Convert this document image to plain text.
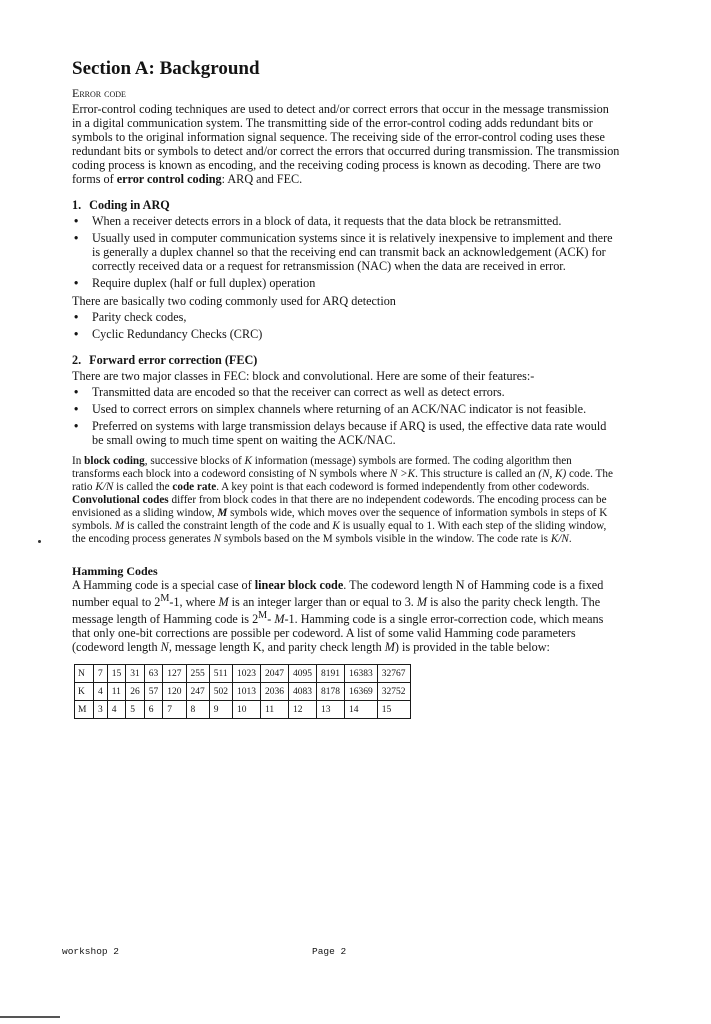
Section A: Background
Error code

Error-control coding techniques are used to detect and/or correct errors that occur in the message transmission in a digital communication system. The transmitting side of the error-control coding adds redundant bits or symbols to the original information signal sequence. The receiving side of the error-control coding uses these redundant bits or symbols to detect and/or correct the errors that occurred during transmission. The transmission coding process is known as encoding, and the receiving coding process is known as decoding. There are two forms of error control coding: ARQ and FEC.

1. Coding in ARQ
• When a receiver detects errors in a block of data, it requests that the data block be retransmitted.
• Usually used in computer communication systems since it is relatively inexpensive to implement and there is generally a duplex channel so that the receiving end can transmit back an acknowledgement (ACK) for correctly received data or a request for retransmission (NAC) when the data are received in error.
• Require duplex (half or full duplex) operation

There are basically two coding commonly used for ARQ detection

• Parity check codes,
• Cyclic Redundancy Checks (CRC)
2. Forward error correction (FEC)

There are two major classes in FEC: block and convolutional. Here are some of their features:-

• Transmitted data are encoded so that the receiver can correct as well as detect errors.
• Used to correct errors on simplex channels where returning of an ACK/NAC indicator is not feasible.
• Preferred on systems with large transmission delays because if ARQ is used, the effective data rate would be small owing to much time spent on waiting the ACK/NAC.

In block coding, successive blocks of K information (message) symbols are formed. The coding algorithm then transforms each block into a codeword consisting of N symbols where N >K. This structure is called an (N, K) code. The ratio K/N is called the code rate. A key point is that each codeword is formed independently from other codewords.

Convolutional codes differ from block codes in that there are no independent codewords. The encoding process can be envisioned as a sliding window, M symbols wide, which moves over the sequence of information symbols in steps of K symbols. M is called the constraint length of the code and K is usually equal to 1. With each step of the sliding window, the encoding process generates N symbols based on the M symbols visible in the window. The code rate is K/N.

Hamming Codes

A Hamming code is a special case of linear block code. The codeword length N of Hamming code is a fixed number equal to $2^M-1$, where M is an integer larger than or equal to 3. M is also the parity check length. The message length of Hamming code is $2^M-$ M-1. Hamming code is a single error-correction code, which means that only one-bit corrections are possible per codeword. A list of some valid Hamming code parameters (codeword length N, message length K, and parity check length M) is provided in the table below:

N	7	15	31	63	127	255	511	1023	2047	4095	8191	16383	32767
K	4	11	26	57	120	247	502	1013	2036	4083	8178	16369	32752
M	3	4	5	6	7	8	9	10	11	12	13	14	15
workshop 2	Page 2
